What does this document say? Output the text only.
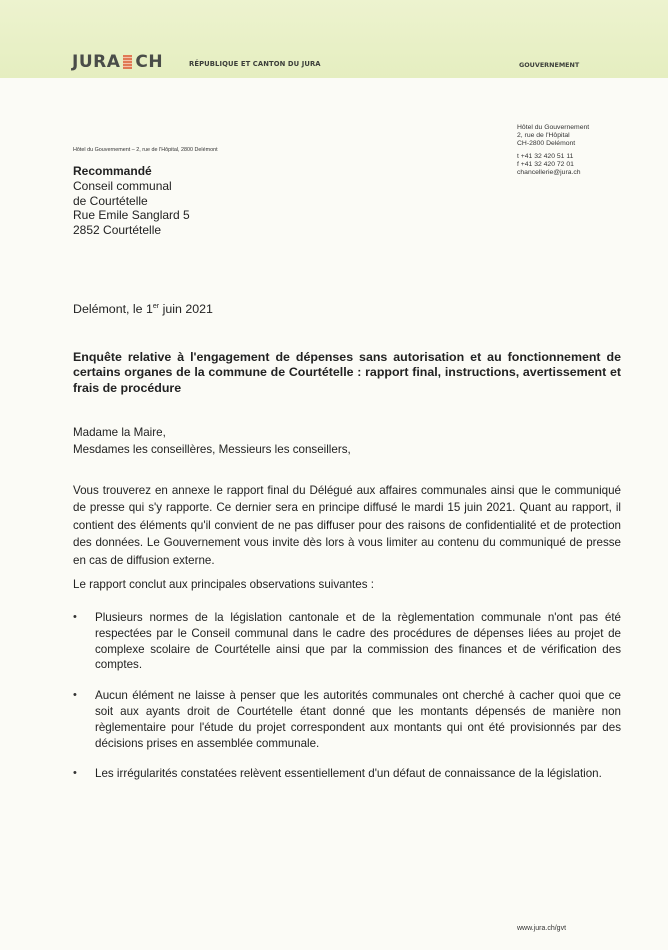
JURA CH	RÉPUBLIQUE ET CANTON DU JURA	GOUVERNEMENT
Hôtel du Gouvernement – 2, rue de l'Hôpital, 2800 Delémont
Hôtel du Gouvernement
2, rue de l'Hôpital
CH-2800 Delémont
t +41 32 420 51 11
f +41 32 420 72 01
chancellerie@jura.ch
Recommandé
Conseil communal
de Courtételle
Rue Emile Sanglard 5
2852 Courtételle
Delémont, le 1er juin 2021
Enquête relative à l'engagement de dépenses sans autorisation et au fonctionnement de certains organes de la commune de Courtételle : rapport final, instructions, avertissement et frais de procédure
Madame la Maire,
Mesdames les conseillères, Messieurs les conseillers,
Vous trouverez en annexe le rapport final du Délégué aux affaires communales ainsi que le communiqué de presse qui s'y rapporte. Ce dernier sera en principe diffusé le mardi 15 juin 2021. Quant au rapport, il contient des éléments qu'il convient de ne pas diffuser pour des raisons de confidentialité et de protection des données. Le Gouvernement vous invite dès lors à vous limiter au contenu du communiqué de presse en cas de diffusion externe.
Le rapport conclut aux principales observations suivantes :
• Plusieurs normes de la législation cantonale et de la règlementation communale n'ont pas été respectées par le Conseil communal dans le cadre des procédures de dépenses liées au projet de complexe scolaire de Courtételle ainsi que par la commission des finances et de vérification des comptes.
• Aucun élément ne laisse à penser que les autorités communales ont cherché à cacher quoi que ce soit aux ayants droit de Courtételle étant donné que les montants dépensés de manière non règlementaire pour l'étude du projet correspondent aux montants qui ont été provisionnés par des décisions prises en assemblée communale.
• Les irrégularités constatées relèvent essentiellement d'un défaut de connaissance de la législation.
www.jura.ch/gvt
